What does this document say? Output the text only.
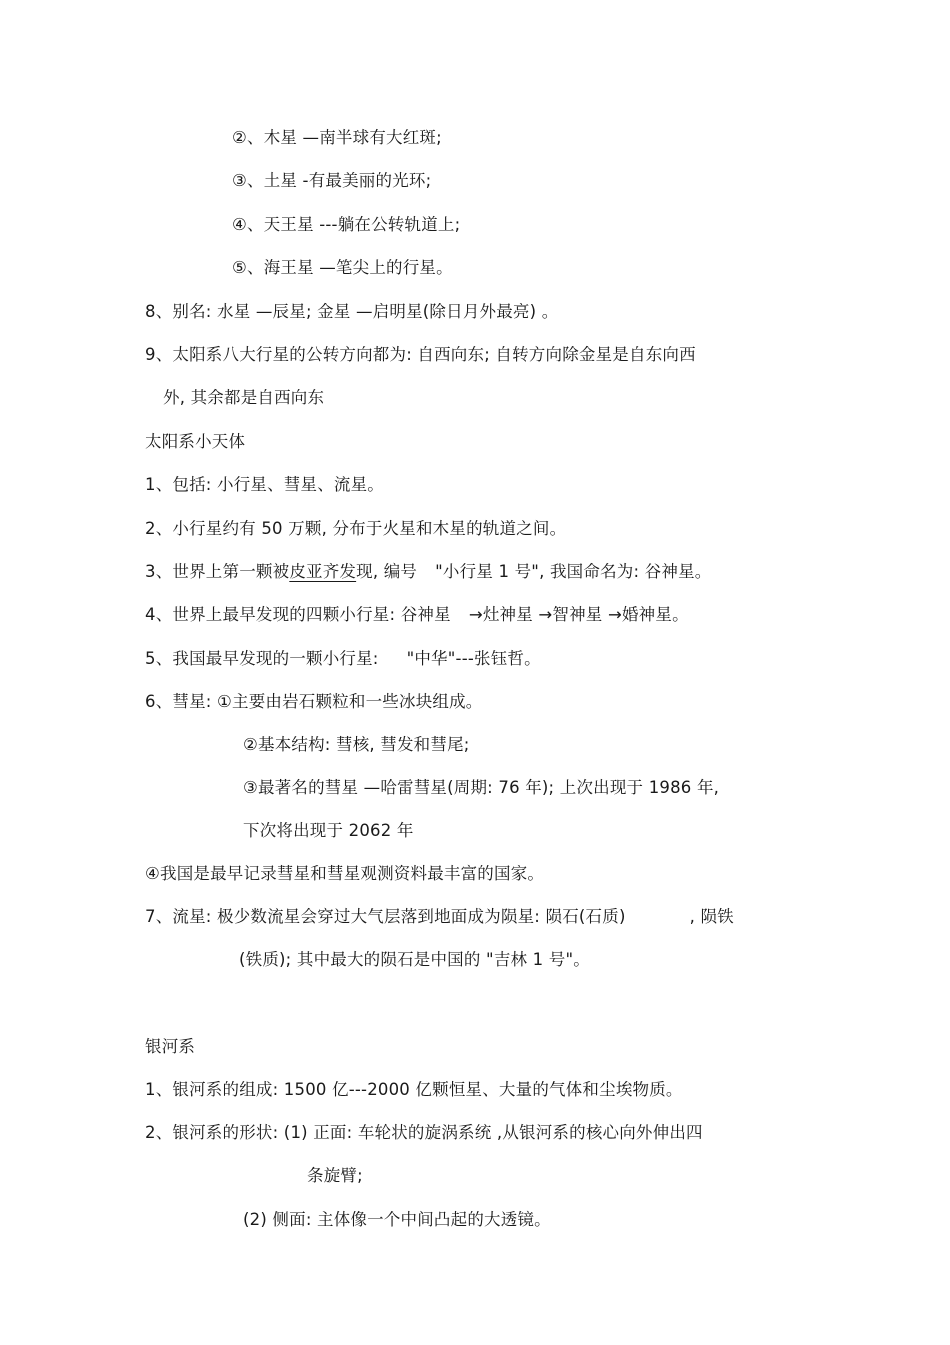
②、木星 —南半球有大红斑;
③、土星 -有最美丽的光环;
④、天王星 ---躺在公转轨道上;
⑤、海王星 —笔尖上的行星。
8、别名: 水星 —辰星; 金星 —启明星(除日月外最亮) 。
9、太阳系八大行星的公转方向都为: 自西向东; 自转方向除金星是自东向西
外, 其余都是自西向东
太阳系小天体
1、包括: 小行星、彗星、流星。
2、小行星约有 50 万颗, 分布于火星和木星的轨道之间。
3、世界上第一颗被皮亚齐发现, 编号 "小行星 1 号", 我国命名为: 谷神星。
4、世界上最早发现的四颗小行星: 谷神星 →灶神星 →智神星 →婚神星。
5、我国最早发现的一颗小行星: "中华"---张钰哲。
6、彗星: ①主要由岩石颗粒和一些冰块组成。
②基本结构: 彗核, 彗发和彗尾;
③最著名的彗星 —哈雷彗星(周期: 76 年); 上次出现于 1986 年,
下次将出现于 2062 年
④我国是最早记录彗星和彗星观测资料最丰富的国家。
7、流星: 极少数流星会穿过大气层落到地面成为陨星: 陨石(石质)	, 陨铁
(铁质); 其中最大的陨石是中国的 "吉林 1 号"。
银河系
1、银河系的组成: 1500 亿---2000 亿颗恒星、大量的气体和尘埃物质。
2、银河系的形状: (1) 正面: 车轮状的旋涡系统 ,从银河系的核心向外伸出四
条旋臂;
(2) 侧面: 主体像一个中间凸起的大透镜。
